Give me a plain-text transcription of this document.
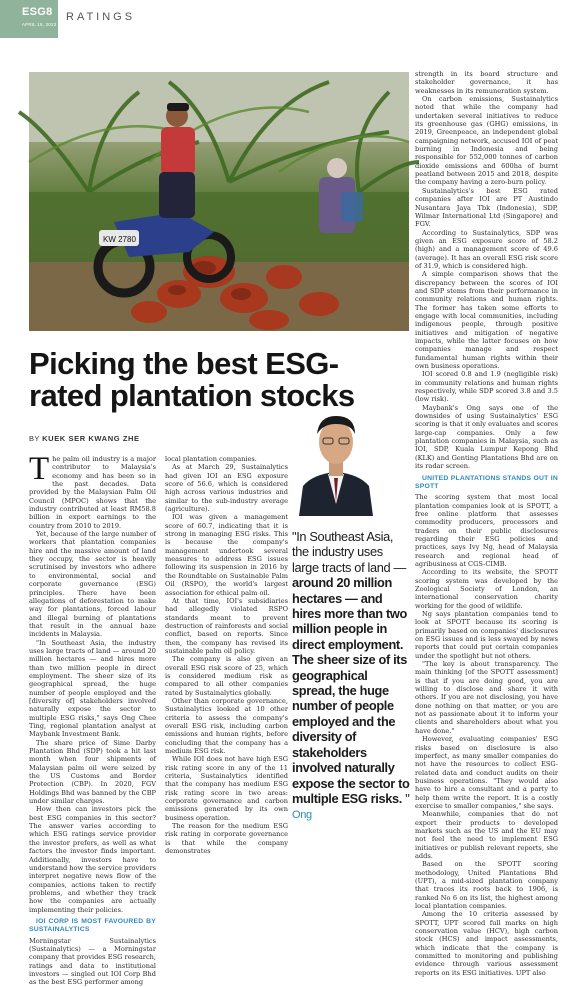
ESG8
APRIL 18, 2022
RATINGS
KW 2780
Picking the best ESG-rated plantation stocks
BY KUEK SER KWANG ZHE

The palm oil industry is a major contributor to Malaysia's economy and has been so in the past decades. Data provided by the Malaysian Palm Oil Council (MPOC) shows that the industry contributed at least RM58.8 billion in export earnings to the country from 2010 to 2019.

Yet, because of the large number of workers that plantation companies hire and the massive amount of land they occupy, the sector is heavily scrutinised by investors who adhere to environmental, social and corporate governance (ESG) principles. There have been allegations of deforestation to make way for plantations, forced labour and illegal burning of plantations that result in the annual haze incidents in Malaysia.

"In Southeast Asia, the industry uses large tracts of land — around 20 million hectares — and hires more than two million people in direct employment. The sheer size of its geographical spread, the huge number of people employed and the [diversity of] stakeholders involved naturally expose the sector to multiple ESG risks," says Ong Chee Ting, regional plantation analyst at Maybank Investment Bank.

The share price of Sime Darby Plantation Bhd (SDP) took a hit last month when four shipments of Malaysian palm oil were seized by the US Customs and Border Protection (CBP). In 2020, FGV Holdings Bhd was banned by the CBP under similar charges.

How then can investors pick the best ESG companies in this sector? The answer varies according to which ESG ratings service provider the investor prefers, as well as what factors the investor finds important. Additionally, investors have to understand how the service providers interpret negative news flow of the companies, actions taken to rectify problems, and whether they track how the companies are actually implementing their policies.

IOI CORP IS MOST FAVOURED BY SUSTAINALYTICS

Morningstar Sustainalytics (Sustainalytics) — a Morningstar company that provides ESG research, ratings and data to institutional investors — singled out IOI Corp Bhd as the best ESG performer among

local plantation companies.

As at March 29, Sustainalytics had given IOI an ESG exposure score of 56.6, which is considered high across various industries and similar to the sub-industry average (agriculture).

IOI was given a management score of 60.7, indicating that it is strong in managing ESG risks. This is because the company's management undertook several measures to address ESG issues following its suspension in 2016 by the Roundtable on Sustainable Palm Oil (RSPO), the world's largest association for ethical palm oil.

At that time, IOI's subsidiaries had allegedly violated RSPO standards meant to prevent destruction of rainforests and social conflict, based on reports. Since then, the company has revised its sustainable palm oil policy.

The company is also given an overall ESG risk score of 25, which is considered medium risk as compared to all other companies rated by Sustainalytics globally.

Other than corporate governance, Sustainalytics looked at 10 other criteria to assess the company's overall ESG risk, including carbon emissions and human rights, before concluding that the company has a medium ESG risk.

While IOI does not have high ESG risk rating score in any of the 11 criteria, Sustainalytics identified that the company has medium ESG risk rating score in two areas: corporate governance and carbon emissions generated by its own business operation.

The reason for the medium ESG risk rating in corporate governance is that while the company demonstrates

"In Southeast Asia, the industry uses large tracts of land — around 20 million hectares — and hires more than two million people in direct employment. The sheer size of its geographical spread, the huge number of people employed and the diversity of stakeholders involved naturally expose the sector to multiple ESG risks. "
Ong

strength in its board structure and stakeholder governance, it has weaknesses in its remuneration system.

On carbon emissions, Sustainalytics noted that while the company had undertaken several initiatives to reduce its greenhouse gas (GHG) emissions, in 2019, Greenpeace, an independent global campaigning network, accused IOI of peat burning in Indonesia and being responsible for 552,000 tonnes of carbon dioxide emissions and 600ha of burnt peatland between 2015 and 2018, despite the company having a zero-burn policy.

Sustainalytics's best ESG rated companies after IOI are PT Austindo Nusantara Jaya Tbk (Indonesia), SDP, Wilmar International Ltd (Singapore) and FGV.

According to Sustainalytics, SDP was given an ESG exposure score of 58.2 (high) and a management score of 49.6 (average). It has an overall ESG risk score of 31.9, which is considered high.

A simple comparison shows that the discrepancy between the scores of IOI and SDP stems from their performance in community relations and human rights. The former has taken some efforts to engage with local communities, including indigenous people, through positive initiatives and mitigation of negative impacts, while the latter focuses on how companies manage and respect fundamental human rights within their own business operations.

IOI scored 0.8 and 1.9 (negligible risk) in community relations and human rights respectively, while SDP scored 3.8 and 3.5 (low risk).

Maybank's Ong says one of the downsides of using Sustainalytics' ESG scoring is that it only evaluates and scores large-cap companies. Only a few plantation companies in Malaysia, such as IOI, SDP, Kuala Lumpur Kepong Bhd (KLK) and Genting Plantations Bhd are on its radar screen.

UNITED PLANTATIONS STANDS OUT IN SPOTT

The scoring system that most local plantation companies look at is SPOTT, a free online platform that assesses commodity producers, processors and traders on their public disclosures regarding their ESG policies and practices, says Ivy Ng, head of Malaysia research and regional head of agribusiness at CGS-CIMB.

According to its website, the SPOTT scoring system was developed by the Zoological Society of London, an international conservation charity working for the good of wildlife.

Ng says plantation companies tend to look at SPOTT because its scoring is primarily based on companies' disclosures on ESG issues and is less swayed by news reports that could put certain companies under the spotlight but not others.

"The key is about transparency. The main thinking [of the SPOTT assessment] is that if you are doing good, you are willing to disclose and share it with others. If you are not disclosing, you have done nothing on that matter, or you are not as passionate about it to inform your clients and shareholders about what you have done."

However, evaluating companies' ESG risks based on disclosure is also imperfect, as many smaller companies do not have the resources to collect ESG-related data and conduct audits on their business operations. "They would also have to hire a consultant and a party to help them write the report. It is a costly exercise to smaller companies," she says.

Meanwhile, companies that do not export their products to developed markets such as the US and the EU may not feel the need to implement ESG initiatives or publish relevant reports, she adds.

Based on the SPOTT scoring methodology, United Plantations Bhd (UPT), a mid-sized plantation company that traces its roots back to 1906, is ranked No 6 on its list, the highest among local plantation companies.

Among the 10 criteria assessed by SPOTT, UPT scored full marks on high conservation value (HCV), high carbon stock (HCS) and impact assessments, which indicate that the company is committed to monitoring and publishing evidence through various assessment reports on its ESG initiatives. UPT also
